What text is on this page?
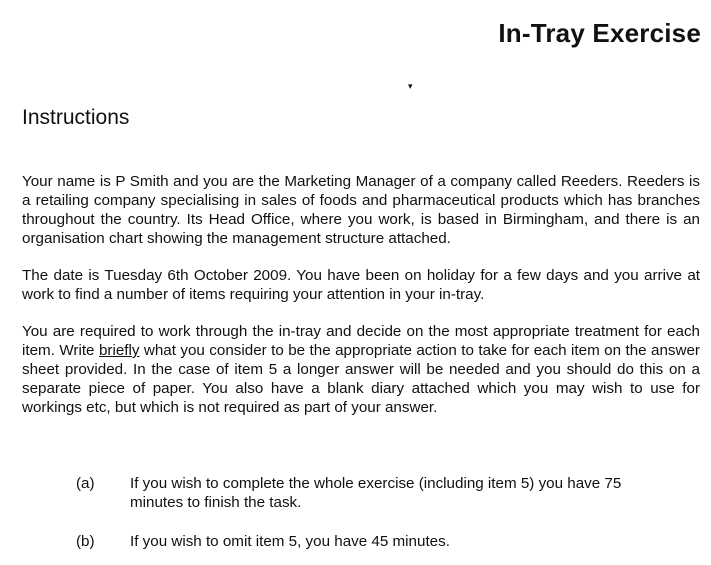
In-Tray Exercise
▾
Instructions
Your name is P Smith and you are the Marketing Manager of a company called Reeders. Reeders is a retailing company specialising in sales of foods and pharmaceutical products which has branches throughout the country. Its Head Office, where you work, is based in Birmingham, and there is an organisation chart showing the management structure attached.
The date is Tuesday 6th October 2009. You have been on holiday for a few days and you arrive at work to find a number of items requiring your attention in your in-tray.
You are required to work through the in-tray and decide on the most appropriate treatment for each item. Write briefly what you consider to be the appropriate action to take for each item on the answer sheet provided. In the case of item 5 a longer answer will be needed and you should do this on a separate piece of paper. You also have a blank diary attached which you may wish to use for workings etc, but which is not required as part of your answer.
(a) If you wish to complete the whole exercise (including item 5) you have 75 minutes to finish the task.
(b) If you wish to omit item 5, you have 45 minutes.
